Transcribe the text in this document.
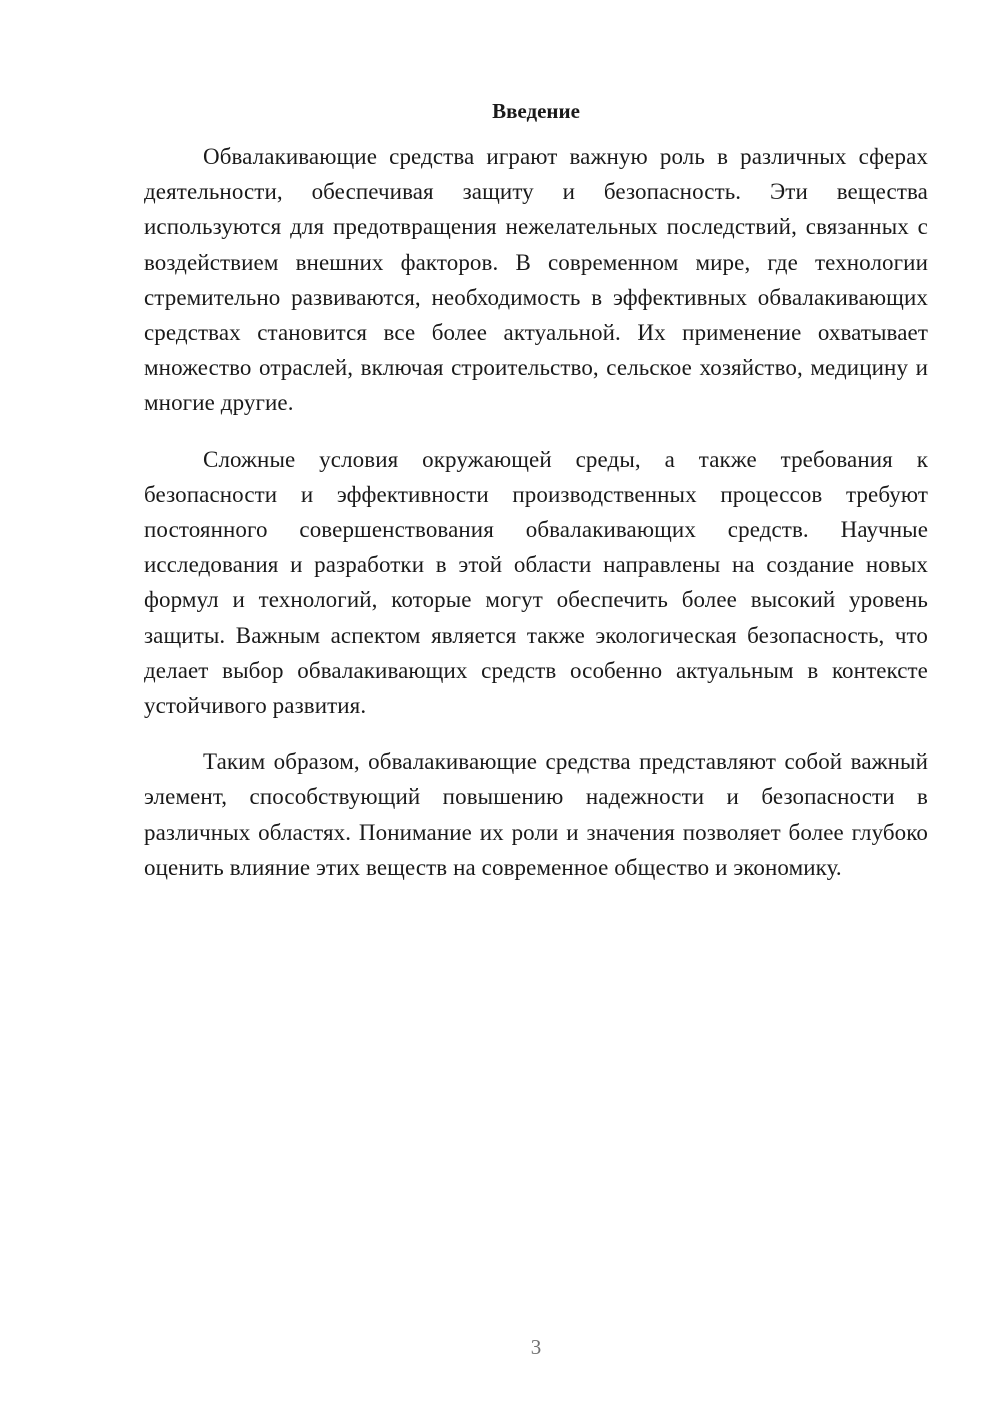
Введение

Обвалакивающие средства играют важную роль в различных сферах деятельности, обеспечивая защиту и безопасность. Эти вещества используются для предотвращения нежелательных последствий, связанных с воздействием внешних факторов. В современном мире, где технологии стремительно развиваются, необходимость в эффективных обвалакивающих средствах становится все более актуальной. Их применение охватывает множество отраслей, включая строительство, сельское хозяйство, медицину и многие другие.

Сложные условия окружающей среды, а также требования к безопасности и эффективности производственных процессов требуют постоянного совершенствования обвалакивающих средств. Научные исследования и разработки в этой области направлены на создание новых формул и технологий, которые могут обеспечить более высокий уровень защиты. Важным аспектом является также экологическая безопасность, что делает выбор обвалакивающих средств особенно актуальным в контексте устойчивого развития.

Таким образом, обвалакивающие средства представляют собой важный элемент, способствующий повышению надежности и безопасности в различных областях. Понимание их роли и значения позволяет более глубоко оценить влияние этих веществ на современное общество и экономику.

3
